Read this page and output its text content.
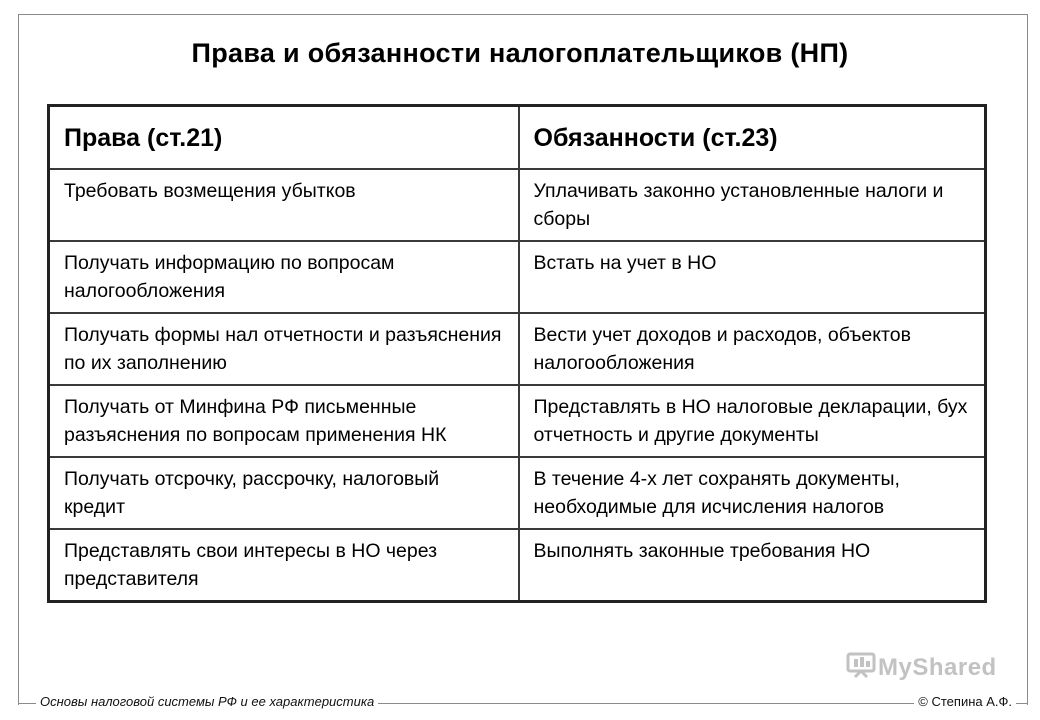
Права и обязанности налогоплательщиков (НП)
Права (ст.21)	Обязанности (ст.23)
Требовать возмещения убытков	Уплачивать законно установленные налоги и сборы
Получать информацию по вопросам налогообложения	Встать на учет в НО
Получать формы нал отчетности и разъяснения по их заполнению	Вести учет доходов и расходов, объектов налогообложения
Получать от Минфина РФ письменные разъяснения по вопросам применения НК	Представлять в НО налоговые декларации, бух отчетность и другие документы
Получать отсрочку, рассрочку, налоговый кредит	В течение 4-х лет сохранять документы, необходимые для исчисления налогов
Представлять свои интересы в НО через представителя	Выполнять законные требования НО
MyShared
Основы налоговой системы РФ и ее характеристика	© Степина А.Ф.
